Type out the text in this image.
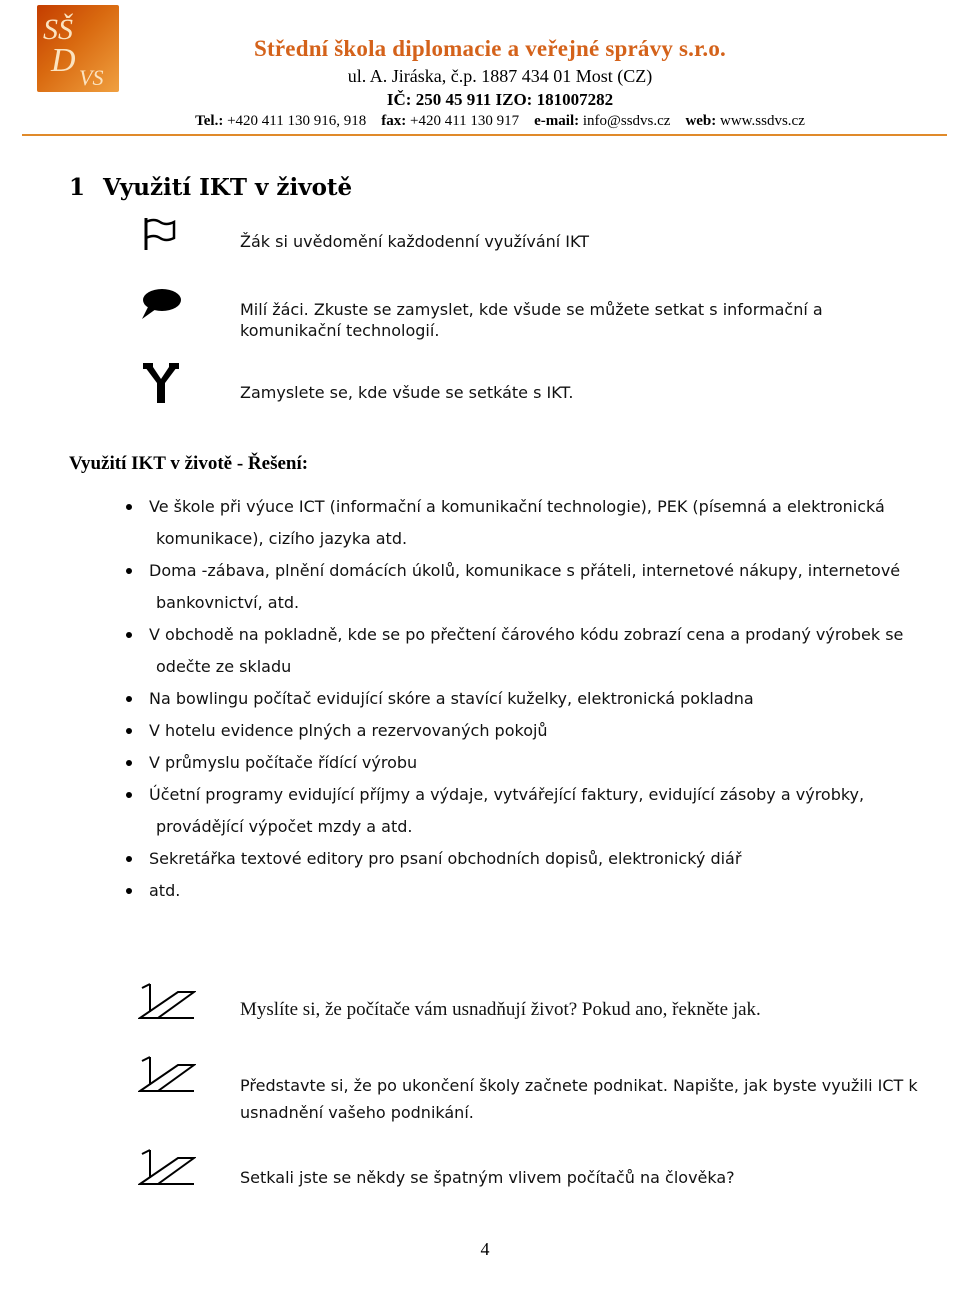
SŠ
D VS
Střední škola diplomacie a veřejné správy s.r.o.
ul. A. Jiráska, č.p. 1887 434 01 Most (CZ)
IČ: 250 45 911 IZO: 181007282
Tel.: +420 411 130 916, 918 fax: +420 411 130 917 e-mail: info@ssdvs.cz web: www.ssdvs.cz
1 Využití IKT v životě
Žák si uvědomění každodenní využívání IKT
Milí žáci. Zkuste se zamyslet, kde všude se můžete setkat s informační a komunikační technologií.
Zamyslete se, kde všude se setkáte s IKT.
Využití IKT v životě - Řešení:
Ve škole při výuce ICT (informační a komunikační technologie), PEK (písemná a elektronická
komunikace), cizího jazyka atd.
Doma -zábava, plnění domácích úkolů, komunikace s přáteli, internetové nákupy, internetové
bankovnictví, atd.
V obchodě na pokladně, kde se po přečtení čárového kódu zobrazí cena a prodaný výrobek se
odečte ze skladu
Na bowlingu počítač evidující skóre a stavící kuželky, elektronická pokladna
V hotelu evidence plných a rezervovaných pokojů
V průmyslu počítače řídící výrobu
Účetní programy evidující příjmy a výdaje, vytvářející faktury, evidující zásoby a výrobky,
provádějící výpočet mzdy a atd.
Sekretářka textové editory pro psaní obchodních dopisů, elektronický diář
atd.
Myslíte si, že počítače vám usnadňují život? Pokud ano, řekněte jak.
Představte si, že po ukončení školy začnete podnikat. Napište, jak byste využili ICT k usnadnění vašeho podnikání.
Setkali jste se někdy se špatným vlivem počítačů na člověka?
4
